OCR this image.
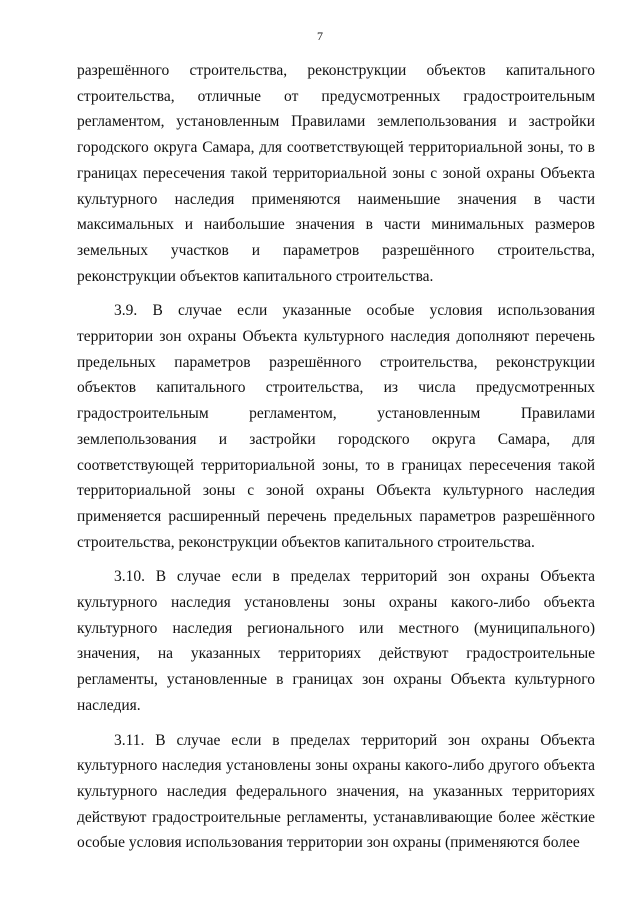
7

разрешённого строительства, реконструкции объектов капитального строительства, отличные от предусмотренных градостроительным регламентом, установленным Правилами землепользования и застройки городского округа Самара, для соответствующей территориальной зоны, то в границах пересечения такой территориальной зоны с зоной охраны Объекта культурного наследия применяются наименьшие значения в части максимальных и наибольшие значения в части минимальных размеров земельных участков и параметров разрешённого строительства, реконструкции объектов капитального строительства.

3.9. В случае если указанные особые условия использования территории зон охраны Объекта культурного наследия дополняют перечень предельных параметров разрешённого строительства, реконструкции объектов капитального строительства, из числа предусмотренных градостроительным регламентом, установленным Правилами землепользования и застройки городского округа Самара, для соответствующей территориальной зоны, то в границах пересечения такой территориальной зоны с зоной охраны Объекта культурного наследия применяется расширенный перечень предельных параметров разрешённого строительства, реконструкции объектов капитального строительства.

3.10. В случае если в пределах территорий зон охраны Объекта культурного наследия установлены зоны охраны какого-либо объекта культурного наследия регионального или местного (муниципального) значения, на указанных территориях действуют градостроительные регламенты, установленные в границах зон охраны Объекта культурного наследия.

3.11. В случае если в пределах территорий зон охраны Объекта культурного наследия установлены зоны охраны какого-либо другого объекта культурного наследия федерального значения, на указанных территориях действуют градостроительные регламенты, устанавливающие более жёсткие особые условия использования территории зон охраны (применяются более
